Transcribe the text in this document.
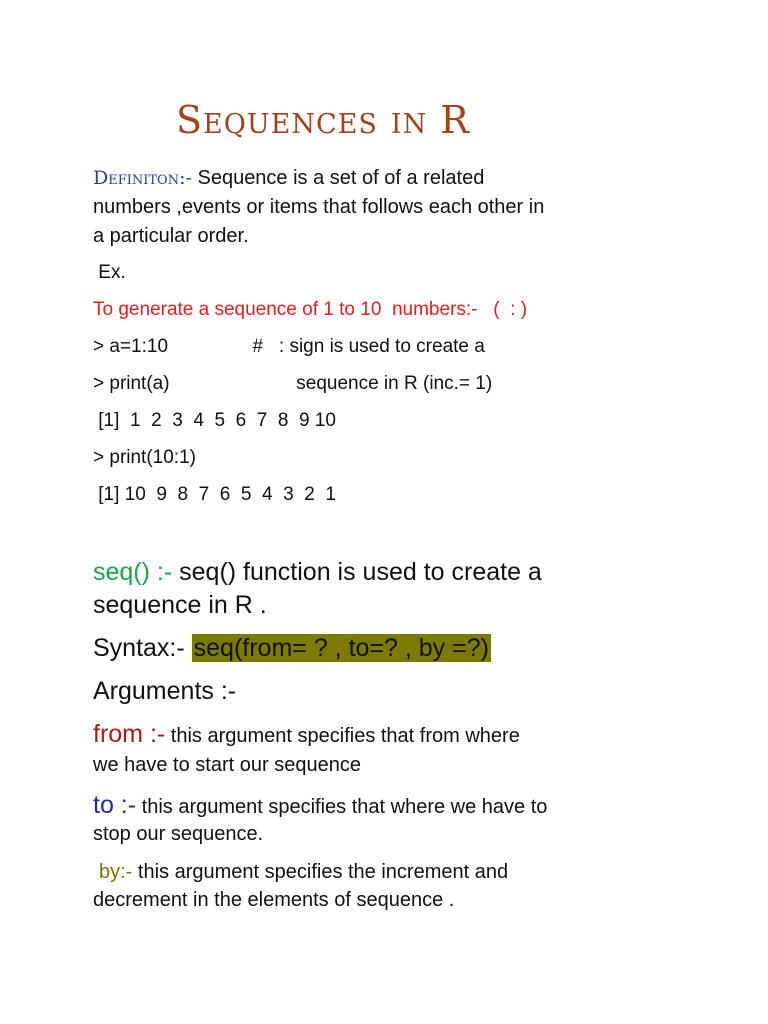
Sequences in R
Definiton:- Sequence is a set of of a related
numbers ,events or items that follows each other in
a particular order.
Ex.
To generate a sequence of 1 to 10  numbers:-   (  : )
> a=1:10                #   : sign is used to create a
> print(a)                        sequence in R (inc.= 1)
[1]  1  2  3  4  5  6  7  8  9 10
> print(10:1)
[1] 10  9  8  7  6  5  4  3  2  1
seq() :- seq() function is used to create a
sequence in R .
Syntax:- seq(from= ? , to=? , by =?)
Arguments :-
from :- this argument specifies that from where
we have to start our sequence
to :- this argument specifies that where we have to
stop our sequence.
by:- this argument specifies the increment and
decrement in the elements of sequence .
